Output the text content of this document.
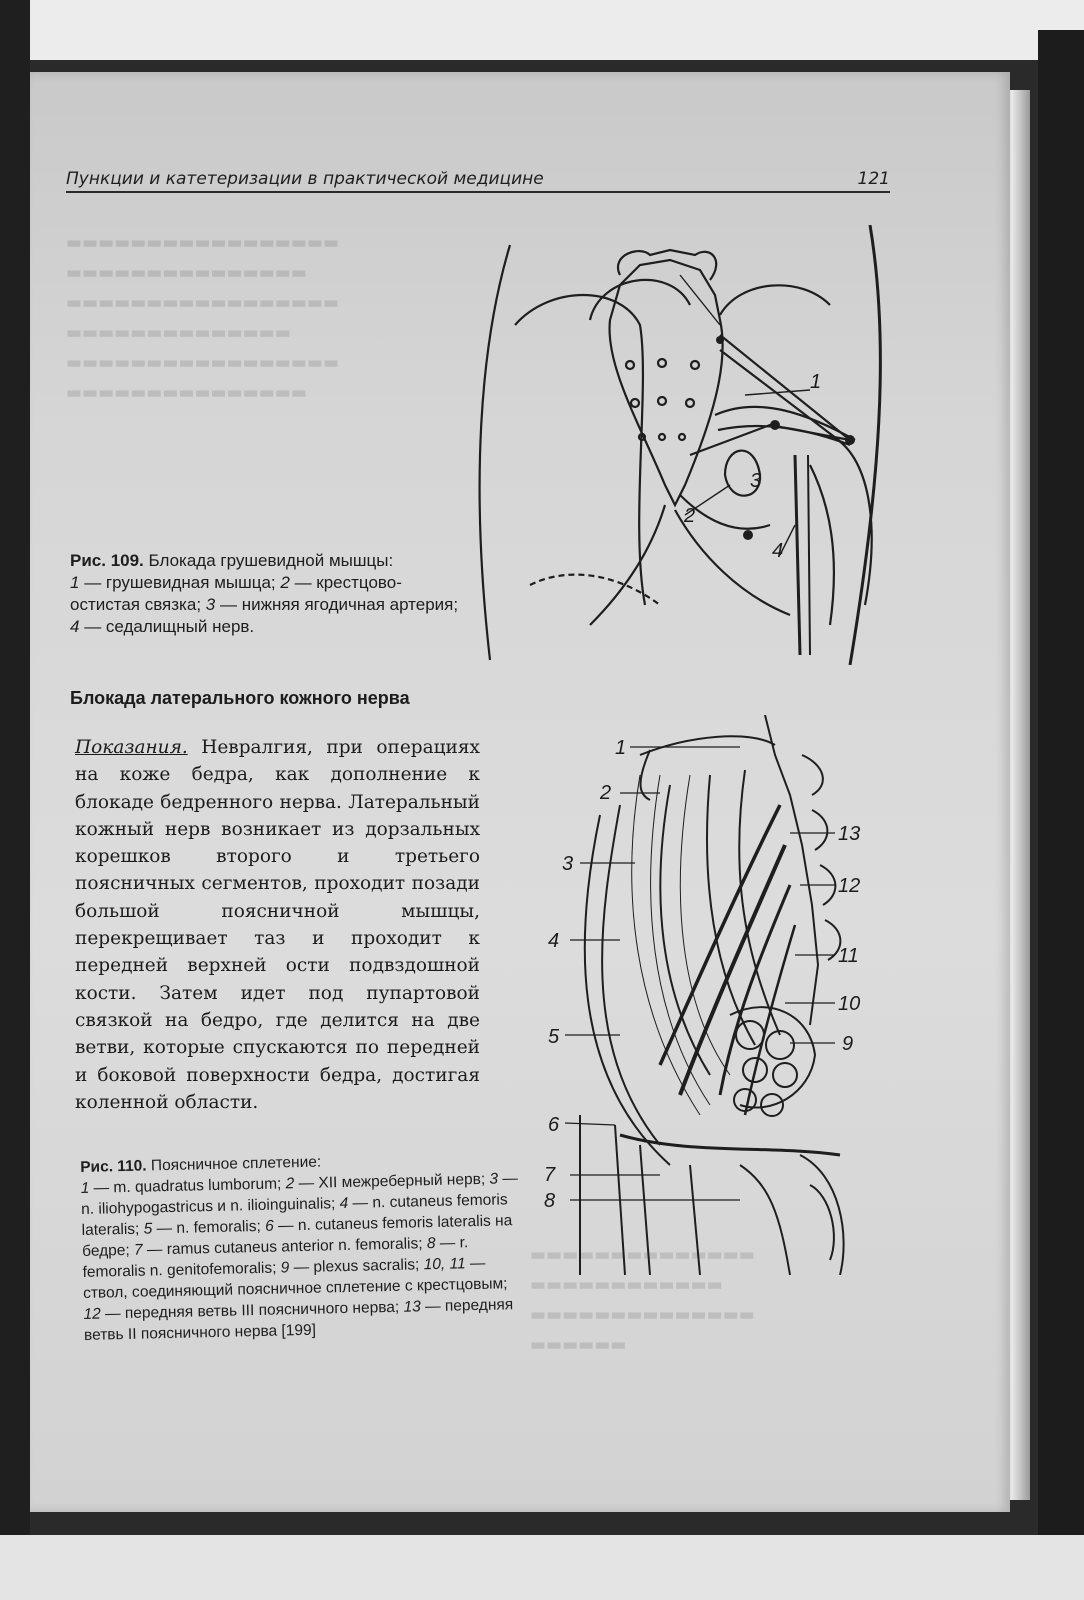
▬▬▬▬▬▬▬▬▬▬▬▬▬▬▬▬▬
▬▬▬▬▬▬▬▬▬▬▬▬▬▬▬
▬▬▬▬▬▬▬▬▬▬▬▬▬▬▬▬▬
▬▬▬▬▬▬▬▬▬▬▬▬▬▬
▬▬▬▬▬▬▬▬▬▬▬▬▬▬▬▬▬
▬▬▬▬▬▬▬▬▬▬▬▬▬▬▬
▬▬▬▬▬▬▬▬▬▬▬▬▬▬
▬▬▬▬▬▬▬▬▬▬▬▬
▬▬▬▬▬▬▬▬▬▬▬▬▬▬
▬▬▬▬▬▬
Пункции и катетеризации в практической медицине	121
1
2
3
4
Рис. 109. Блокада грушевидной мышцы:
1 — грушевидная мышца; 2 — крестцово-остистая связка; 3 — нижняя ягодичная артерия; 4 — седалищный нерв.
Блокада латерального кожного нерва
Показания. Невралгия, при операциях на коже бедра, как дополнение к блокаде бедренного нерва. Латеральный кожный нерв возникает из дорзальных корешков второго и третьего поясничных сегментов, проходит позади большой поясничной мышцы, перекрещивает таз и проходит к передней верхней ости подвздошной кости. Затем идет под пупартовой связкой на бедро, где делится на две ветви, которые спускаются по передней и боковой поверхности бедра, достигая коленной области.
1
2
3
4
5
6
7
8
13
12
11
10
9
Рис. 110. Поясничное сплетение:
1 — m. quadratus lumborum; 2 — XII межреберный нерв; 3 — n. iliohypogastricus и n. ilioinguinalis; 4 — n. cutaneus femoris lateralis; 5 — n. femoralis; 6 — n. cutaneus femoris lateralis на бедре; 7 — ramus cutaneus anterior n. femoralis; 8 — r. femoralis n. genitofemoralis; 9 — plexus sacralis; 10, 11 — ствол, соединяющий поясничное сплетение с крестцовым; 12 — передняя ветвь III поясничного нерва; 13 — передняя ветвь II поясничного нерва [199]
